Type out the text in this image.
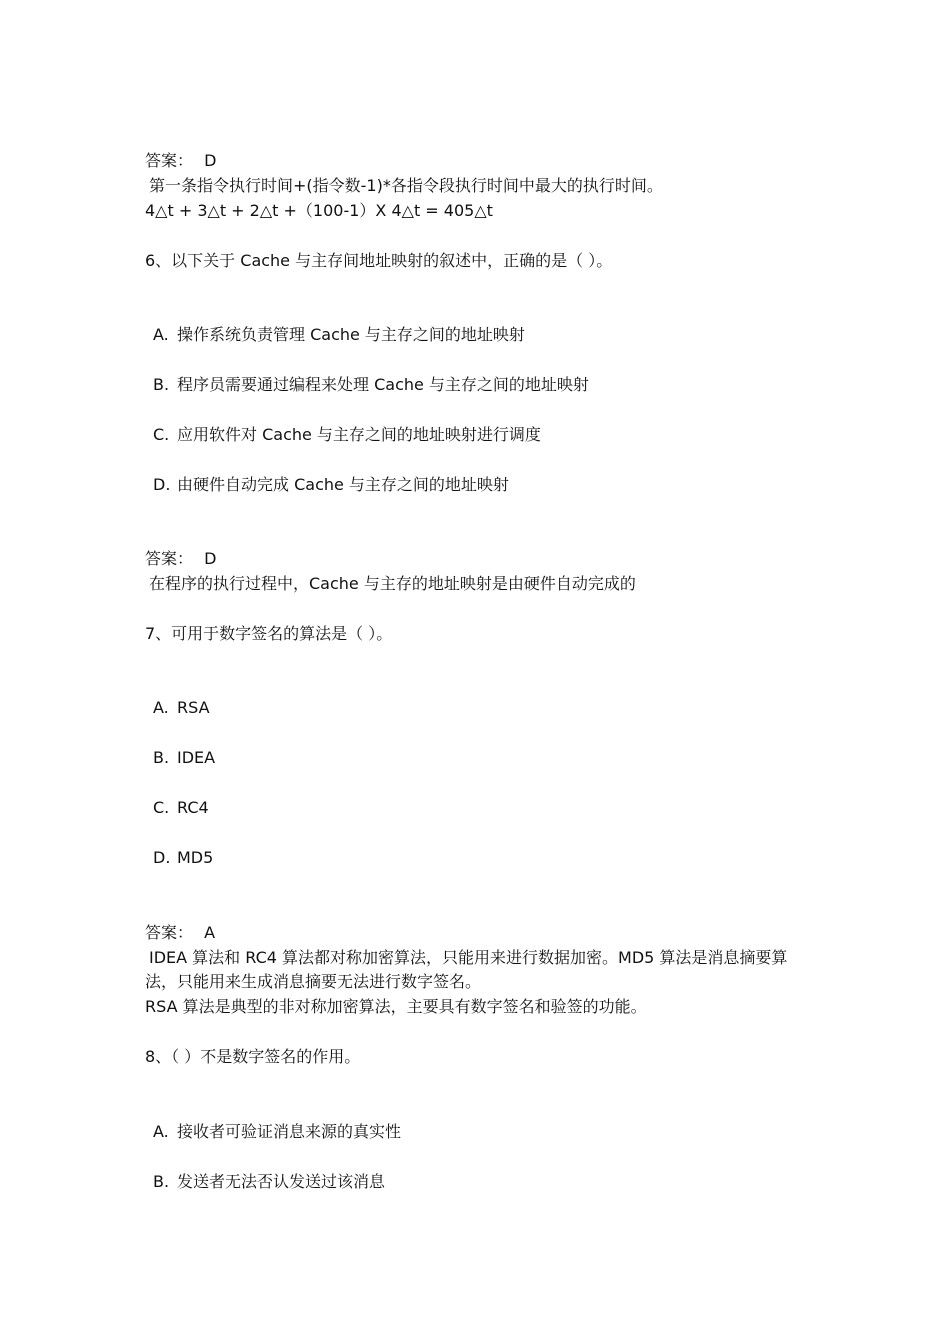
答案： D
第一条指令执行时间+(指令数-1)*各指令段执行时间中最大的执行时间。
4△t + 3△t + 2△t +（100-1）X 4△t = 405△t
6、以下关于 Cache 与主存间地址映射的叙述中，正确的是（ ）。
A. 操作系统负责管理 Cache 与主存之间的地址映射
B. 程序员需要通过编程来处理 Cache 与主存之间的地址映射
C. 应用软件对 Cache 与主存之间的地址映射进行调度
D. 由硬件自动完成 Cache 与主存之间的地址映射
答案： D
在程序的执行过程中，Cache 与主存的地址映射是由硬件自动完成的
7、可用于数字签名的算法是（ ）。
A. RSA
B. IDEA
C. RC4
D. MD5
答案： A
IDEA 算法和 RC4 算法都对称加密算法，只能用来进行数据加密。MD5 算法是消息摘要算法，只能用来生成消息摘要无法进行数字签名。
RSA 算法是典型的非对称加密算法，主要具有数字签名和验签的功能。
8、（ ）不是数字签名的作用。
A. 接收者可验证消息来源的真实性
B. 发送者无法否认发送过该消息
